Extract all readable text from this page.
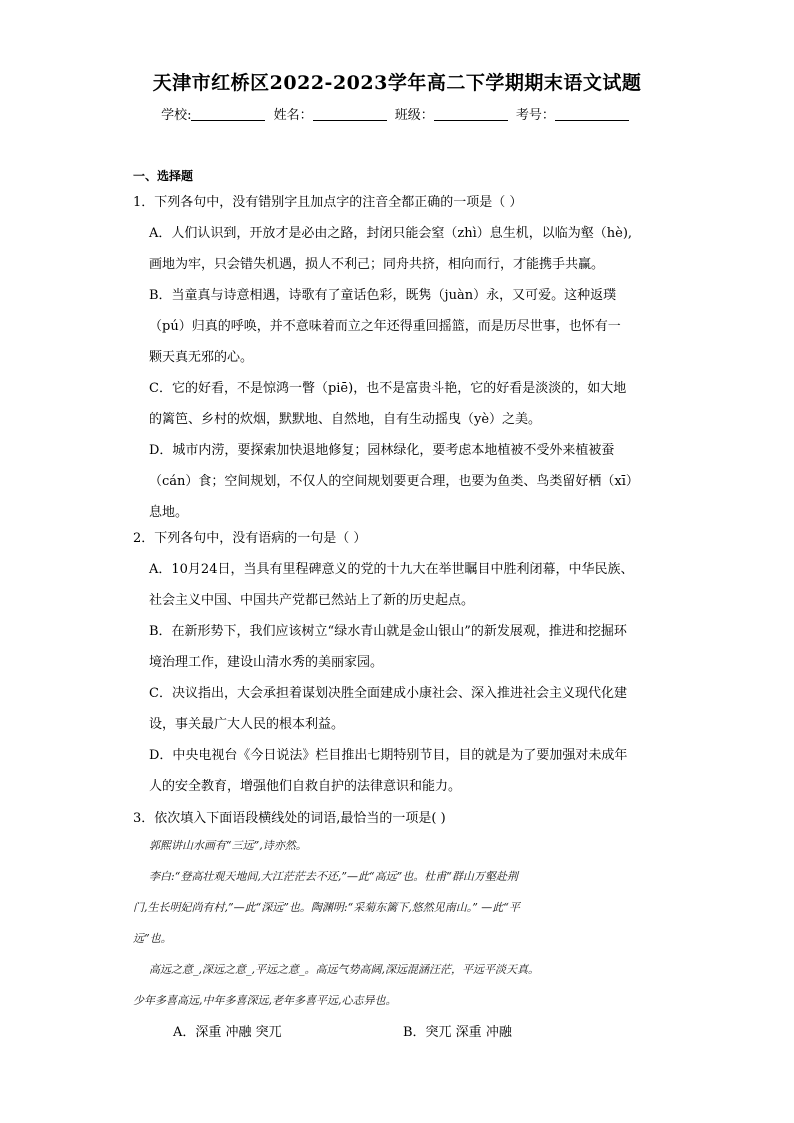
天津市红桥区2022-2023学年高二下学期期末语文试题
学校:	姓名：	班级：	考号：
一、选择题

1．下列各句中，没有错别字且加点字的注音全都正确的一项是（ ）

A．人们认识到，开放才是必由之路，封闭只能会窒（zhì）息生机，以临为壑（hè),

画地为牢，只会错失机遇，损人不利己；同舟共挤，相向而行，才能携手共赢。

B．当童真与诗意相遇，诗歌有了童话色彩，既隽（juàn）永，又可爱。这种返璞

（pú）归真的呼唤，并不意味着而立之年还得重回摇篮，而是历尽世事，也怀有一

颗天真无邪的心。

C．它的好看，不是惊鸿一瞥（piē)，也不是富贵斗艳，它的好看是淡淡的，如大地

的篱笆、乡村的炊烟，默默地、自然地，自有生动摇曳（yè）之美。

D．城市内涝，要探索加快退地修复；园林绿化，要考虑本地植被不受外来植被蚕

（cán）食；空间规划，不仅人的空间规划要更合理，也要为鱼类、鸟类留好栖（xī）

息地。

2．下列各句中，没有语病的一句是（ ）

A．10月24日，当具有里程碑意义的党的十九大在举世瞩目中胜利闭幕，中华民族、

社会主义中国、中国共产党都已然站上了新的历史起点。

B．在新形势下，我们应该树立“绿水青山就是金山银山”的新发展观，推进和挖掘环

境治理工作，建设山清水秀的美丽家园。

C．决议指出，大会承担着谋划决胜全面建成小康社会、深入推进社会主义现代化建

设，事关最广大人民的根本利益。

D．中央电视台《今日说法》栏目推出七期特别节目，目的就是为了要加强对未成年

人的安全教育，增强他们自救自护的法律意识和能力。

3．依次填入下面语段横线处的词语,最恰当的一项是( )

郭熙讲山水画有“三远”,诗亦然。

李白:“登高壮观天地间,大江茫茫去不还,”—此“高远”也。杜甫“群山万壑赴荆

门,生长明妃尚有村,”—此“深远”也。陶渊明:“采菊东篱下,悠然见南山。” —此“平

远”也。

高远之意_,深远之意_,平远之意_。高远气势高阔,深远混涵汪茫，平远平淡天真。

少年多喜高远,中年多喜深远,老年多喜平远,心志异也。

A．深重 冲融 突兀	B．突兀 深重 冲融
